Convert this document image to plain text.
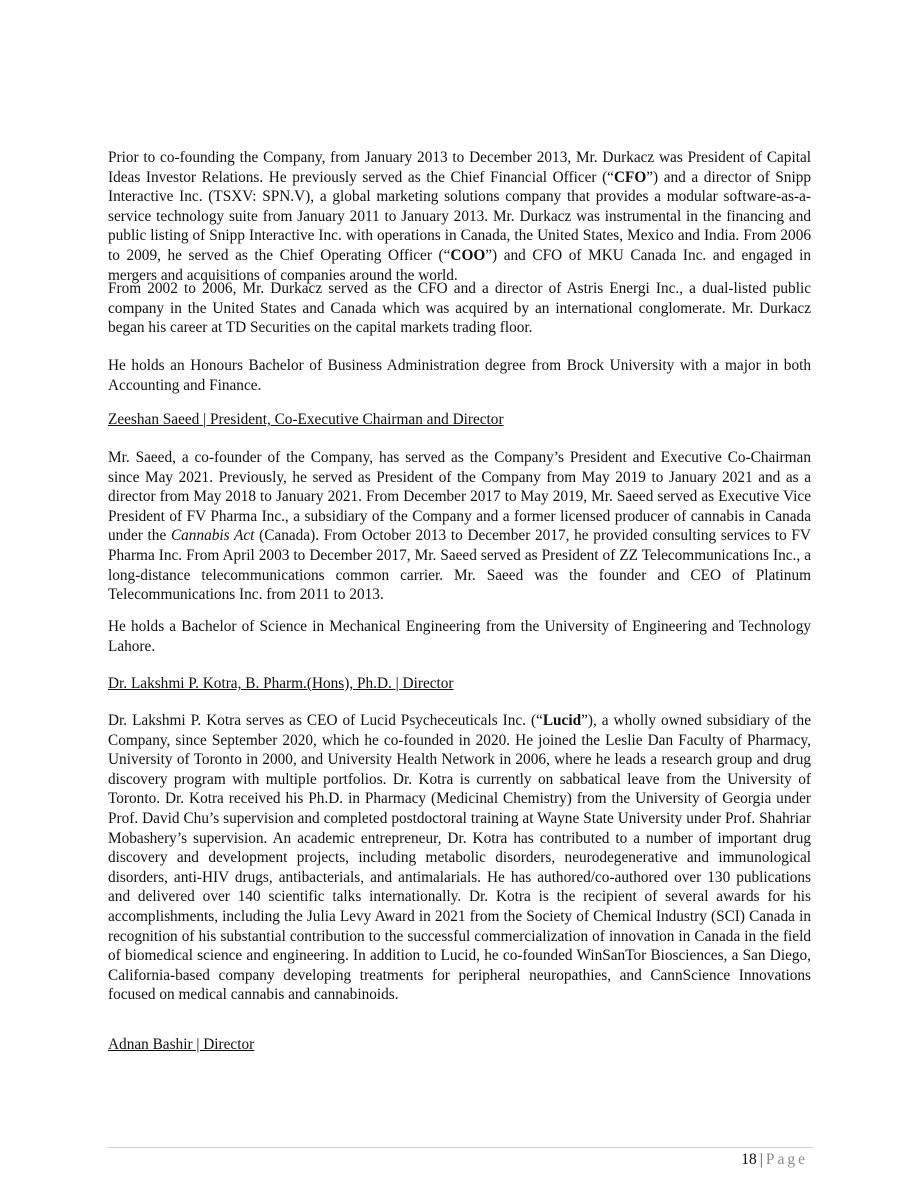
Prior to co-founding the Company, from January 2013 to December 2013, Mr. Durkacz was President of Capital Ideas Investor Relations. He previously served as the Chief Financial Officer (“CFO”) and a director of Snipp Interactive Inc. (TSXV: SPN.V), a global marketing solutions company that provides a modular software-as-a-service technology suite from January 2011 to January 2013. Mr. Durkacz was instrumental in the financing and public listing of Snipp Interactive Inc. with operations in Canada, the United States, Mexico and India. From 2006 to 2009, he served as the Chief Operating Officer (“COO”) and CFO of MKU Canada Inc. and engaged in mergers and acquisitions of companies around the world.

From 2002 to 2006, Mr. Durkacz served as the CFO and a director of Astris Energi Inc., a dual-listed public company in the United States and Canada which was acquired by an international conglomerate. Mr. Durkacz began his career at TD Securities on the capital markets trading floor.

He holds an Honours Bachelor of Business Administration degree from Brock University with a major in both Accounting and Finance.

Zeeshan Saeed | President, Co-Executive Chairman and Director

Mr. Saeed, a co-founder of the Company, has served as the Company’s President and Executive Co-Chairman since May 2021. Previously, he served as President of the Company from May 2019 to January 2021 and as a director from May 2018 to January 2021. From December 2017 to May 2019, Mr. Saeed served as Executive Vice President of FV Pharma Inc., a subsidiary of the Company and a former licensed producer of cannabis in Canada under the Cannabis Act (Canada). From October 2013 to December 2017, he provided consulting services to FV Pharma Inc. From April 2003 to December 2017, Mr. Saeed served as President of ZZ Telecommunications Inc., a long-distance telecommunications common carrier. Mr. Saeed was the founder and CEO of Platinum Telecommunications Inc. from 2011 to 2013.

He holds a Bachelor of Science in Mechanical Engineering from the University of Engineering and Technology Lahore.

Dr. Lakshmi P. Kotra, B. Pharm.(Hons), Ph.D. | Director

Dr. Lakshmi P. Kotra serves as CEO of Lucid Psycheceuticals Inc. (“Lucid”), a wholly owned subsidiary of the Company, since September 2020, which he co-founded in 2020. He joined the Leslie Dan Faculty of Pharmacy, University of Toronto in 2000, and University Health Network in 2006, where he leads a research group and drug discovery program with multiple portfolios. Dr. Kotra is currently on sabbatical leave from the University of Toronto. Dr. Kotra received his Ph.D. in Pharmacy (Medicinal Chemistry) from the University of Georgia under Prof. David Chu’s supervision and completed postdoctoral training at Wayne State University under Prof. Shahriar Mobashery’s supervision. An academic entrepreneur, Dr. Kotra has contributed to a number of important drug discovery and development projects, including metabolic disorders, neurodegenerative and immunological disorders, anti-HIV drugs, antibacterials, and antimalarials. He has authored/co-authored over 130 publications and delivered over 140 scientific talks internationally. Dr. Kotra is the recipient of several awards for his accomplishments, including the Julia Levy Award in 2021 from the Society of Chemical Industry (SCI) Canada in recognition of his substantial contribution to the successful commercialization of innovation in Canada in the field of biomedical science and engineering. In addition to Lucid, he co-founded WinSanTor Biosciences, a San Diego, California-based company developing treatments for peripheral neuropathies, and CannScience Innovations focused on medical cannabis and cannabinoids.

Adnan Bashir | Director

18 | Page
